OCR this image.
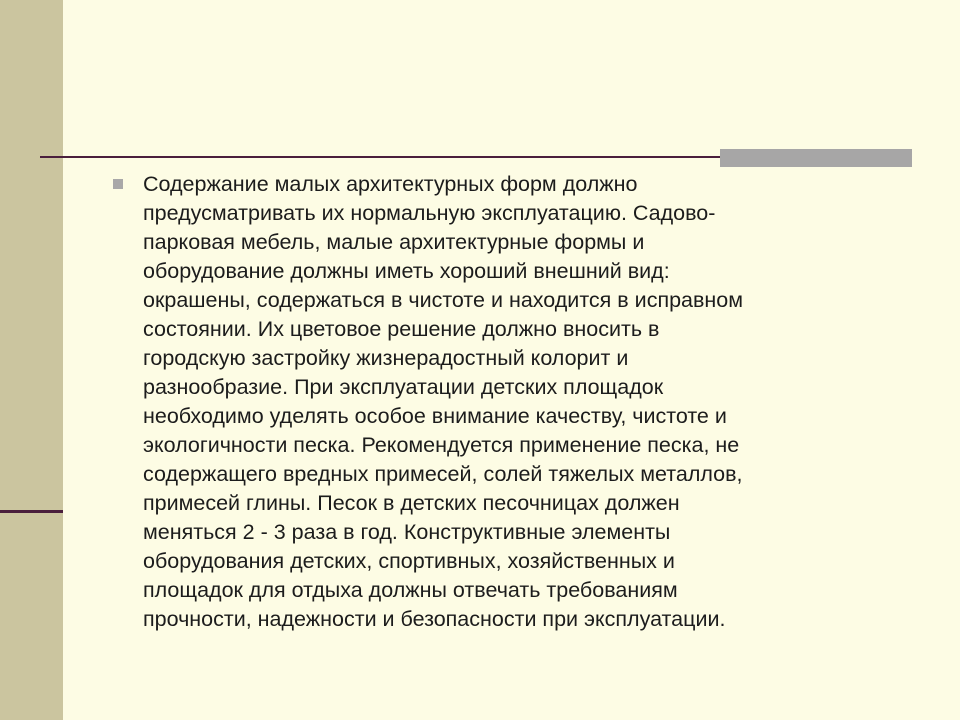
Содержание малых архитектурных форм должно
предусматривать их нормальную эксплуатацию. Садово-
парковая мебель, малые архитектурные формы и
оборудование должны иметь хороший внешний вид:
окрашены, содержаться в чистоте и находится в исправном
состоянии. Их цветовое решение должно вносить в
городскую застройку жизнерадостный колорит и
разнообразие. При эксплуатации детских площадок
необходимо уделять особое внимание качеству, чистоте и
экологичности песка. Рекомендуется применение песка, не
содержащего вредных примесей, солей тяжелых металлов,
примесей глины. Песок в детских песочницах должен
меняться 2 - 3 раза в год. Конструктивные элементы
оборудования детских, спортивных, хозяйственных и
площадок для отдыха должны отвечать требованиям
прочности, надежности и безопасности при эксплуатации.
